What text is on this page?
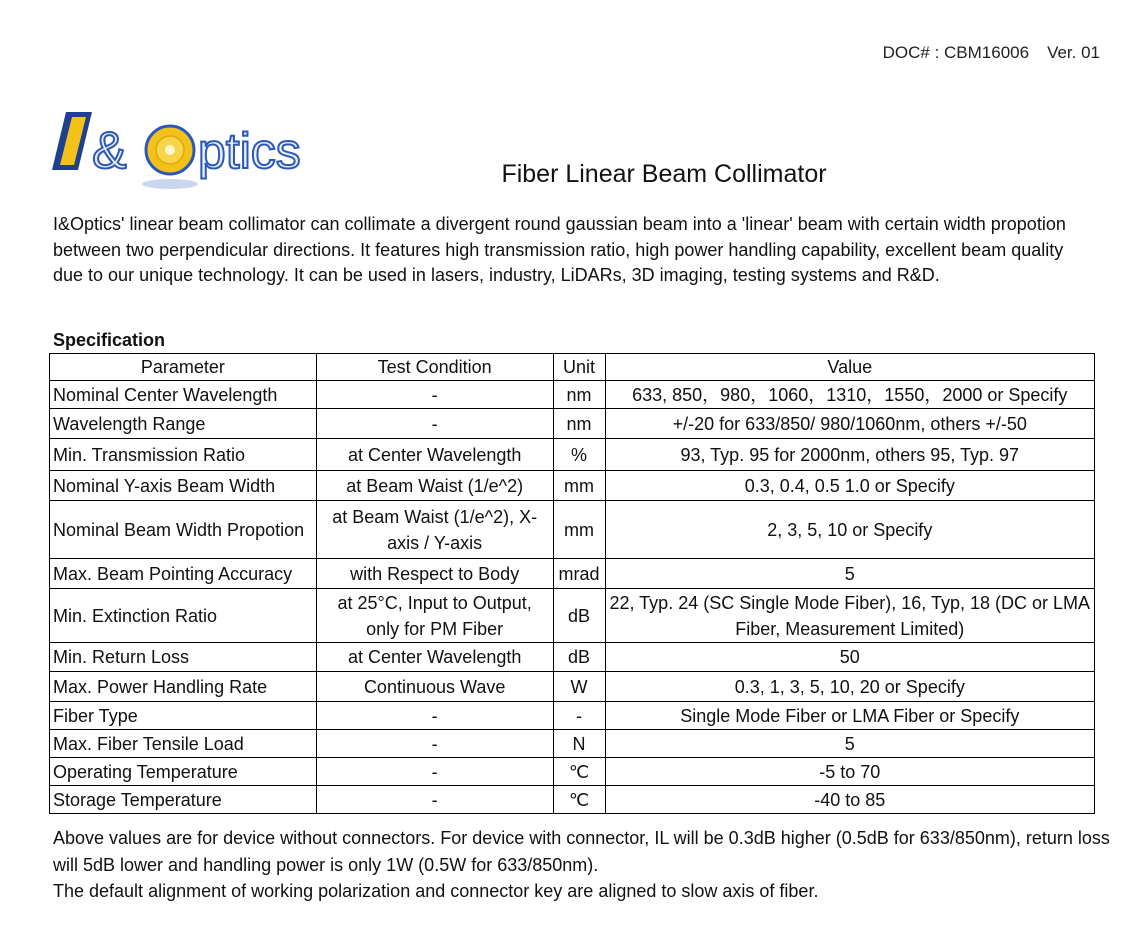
DOC# : CBM16006 Ver. 01
& ptics	Fiber Linear Beam Collimator
I&Optics' linear beam collimator can collimate a divergent round gaussian beam into a 'linear' beam with certain width propotion between two perpendicular directions. It features high transmission ratio, high power handling capability, excellent beam quality due to our unique technology. It can be used in lasers, industry, LiDARs, 3D imaging, testing systems and R&D.
Specification
Parameter	Test Condition	Unit	Value
Nominal Center Wavelength	-	nm	633, 850，980，1060，1310，1550，2000 or Specify
Wavelength Range	-	nm	+/-20 for 633/850/ 980/1060nm, others +/-50
Min. Transmission Ratio	at Center Wavelength	%	93, Typ. 95 for 2000nm, others 95, Typ. 97
Nominal Y-axis Beam Width	at Beam Waist (1/e^2)	mm	0.3, 0.4, 0.5 1.0 or Specify
Nominal Beam Width Propotion	at Beam Waist (1/e^2), X-axis / Y-axis	mm	2, 3, 5, 10 or Specify
Max. Beam Pointing Accuracy	with Respect to Body	mrad	5
Min. Extinction Ratio	at 25°C, Input to Output, only for PM Fiber	dB	22, Typ. 24 (SC Single Mode Fiber), 16, Typ, 18 (DC or LMA Fiber, Measurement Limited)
Min. Return Loss	at Center Wavelength	dB	50
Max. Power Handling Rate	Continuous Wave	W	0.3, 1, 3, 5, 10, 20 or Specify
Fiber Type	-	-	Single Mode Fiber or LMA Fiber or Specify
Max. Fiber Tensile Load	-	N	5
Operating Temperature	-	℃	-5 to 70
Storage Temperature	-	℃	-40 to 85
Above values are for device without connectors. For device with connector, IL will be 0.3dB higher (0.5dB for 633/850nm), return loss will 5dB lower and handling power is only 1W (0.5W for 633/850nm).
The default alignment of working polarization and connector key are aligned to slow axis of fiber.
